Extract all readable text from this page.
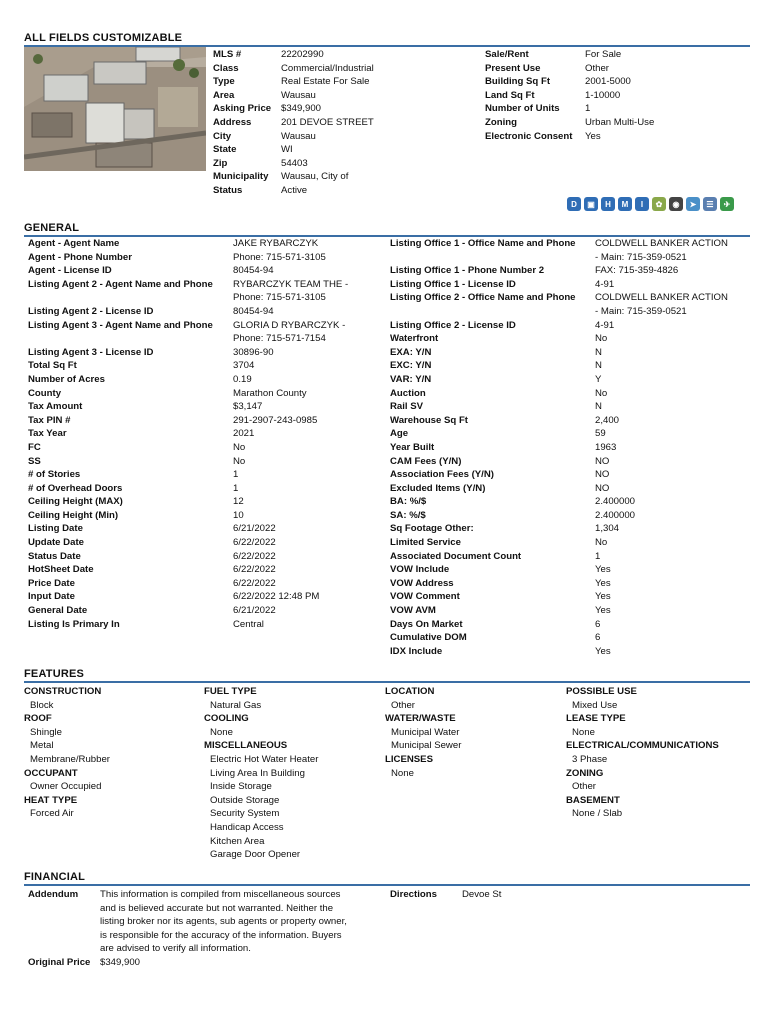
ALL FIELDS CUSTOMIZABLE
MLS #	22202990
Class	Commercial/Industrial
Type	Real Estate For Sale
Area	Wausau
Asking Price	$349,900
Address	201 DEVOE STREET
City	Wausau
State	WI
Zip	54403
Municipality	Wausau, City of
Status	Active
Sale/Rent	For Sale
Present Use	Other
Building Sq Ft	2001-5000
Land Sq Ft	1-10000
Number of Units	1
Zoning	Urban Multi-Use
Electronic Consent	Yes
D	▣	H	M	I	✿	◉	➤	☰	✈
GENERAL
Agent - Agent Name	JAKE RYBARCZYK
Agent - Phone Number	Phone: 715-571-3105
Agent - License ID	80454-94
Listing Agent 2 - Agent Name and Phone	RYBARCZYK TEAM THE -
Phone: 715-571-3105
Listing Agent 2 - License ID	80454-94
Listing Agent 3 - Agent Name and Phone	GLORIA D RYBARCZYK -
Phone: 715-571-7154
Listing Agent 3 - License ID	30896-90
Total Sq Ft	3704
Number of Acres	0.19
County	Marathon County
Tax Amount	$3,147
Tax PIN #	291-2907-243-0985
Tax Year	2021
FC	No
SS	No
# of Stories	1
# of Overhead Doors	1
Ceiling Height (MAX)	12
Ceiling Height (Min)	10
Listing Date	6/21/2022
Update Date	6/22/2022
Status Date	6/22/2022
HotSheet Date	6/22/2022
Price Date	6/22/2022
Input Date	6/22/2022 12:48 PM
General Date	6/21/2022
Listing Is Primary In	Central
Listing Office 1 - Office Name and Phone	COLDWELL BANKER ACTION
- Main: 715-359-0521
Listing Office 1 - Phone Number 2	FAX: 715-359-4826
Listing Office 1 - License ID	4-91
Listing Office 2 - Office Name and Phone	COLDWELL BANKER ACTION
- Main: 715-359-0521
Listing Office 2 - License ID	4-91
Waterfront	No
EXA: Y/N	N
EXC: Y/N	N
VAR: Y/N	Y
Auction	No
Rail SV	N
Warehouse Sq Ft	2,400
Age	59
Year Built	1963
CAM Fees (Y/N)	NO
Association Fees (Y/N)	NO
Excluded Items (Y/N)	NO
BA: %/$	2.400000
SA: %/$	2.400000
Sq Footage Other:	1,304
Limited Service	No
Associated Document Count	1
VOW Include	Yes
VOW Address	Yes
VOW Comment	Yes
VOW AVM	Yes
Days On Market	6
Cumulative DOM	6
IDX Include	Yes
FEATURES
CONSTRUCTION
Block
ROOF
Shingle
Metal
Membrane/Rubber
OCCUPANT
Owner Occupied
HEAT TYPE
Forced Air
FUEL TYPE
Natural Gas
COOLING
None
MISCELLANEOUS
Electric Hot Water Heater
Living Area In Building
Inside Storage
Outside Storage
Security System
Handicap Access
Kitchen Area
Garage Door Opener
LOCATION
Other
WATER/WASTE
Municipal Water
Municipal Sewer
LICENSES
None
POSSIBLE USE
Mixed Use
LEASE TYPE
None
ELECTRICAL/COMMUNICATIONS
3 Phase
ZONING
Other
BASEMENT
None / Slab
FINANCIAL
Addendum This information is compiled from miscellaneous sources
and is believed accurate but not warranted. Neither the
listing broker nor its agents, sub agents or property owner,
is responsible for the accuracy of the information. Buyers
are advised to verify all information.
Directions	Devoe St
Original Price $349,900
